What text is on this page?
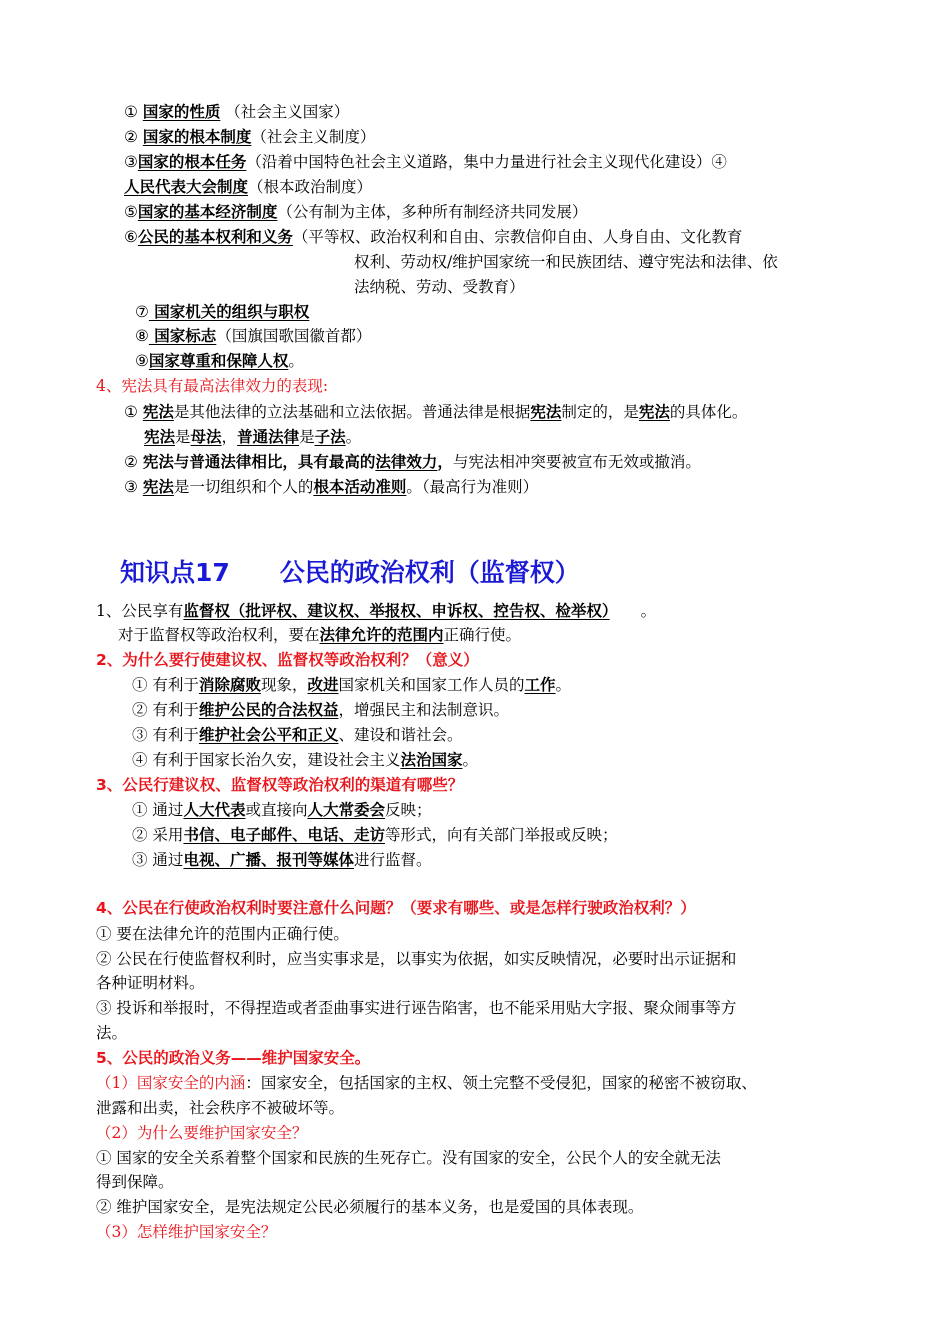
① 国家的性质 （社会主义国家）
② 国家的根本制度（社会主义制度）
③国家的根本任务（沿着中国特色社会主义道路，集中力量进行社会主义现代化建设）④
人民代表大会制度（根本政治制度）
⑤国家的基本经济制度（公有制为主体，多种所有制经济共同发展）
⑥公民的基本权利和义务（平等权、政治权利和自由、宗教信仰自由、人身自由、文化教育
权利、劳动权/维护国家统一和民族团结、遵守宪法和法律、依
法纳税、劳动、受教育）
⑦ 国家机关的组织与职权
⑧ 国家标志（国旗国歌国徽首都）
⑨国家尊重和保障人权。
4、宪法具有最高法律效力的表现:
① 宪法是其他法律的立法基础和立法依据。普通法律是根据宪法制定的，是宪法的具体化。
宪法是母法，普通法律是子法。
② 宪法与普通法律相比，具有最高的法律效力，与宪法相冲突要被宣布无效或撤消。
③ 宪法是一切组织和个人的根本活动准则。（最高行为准则）
知识点17　　公民的政治权利（监督权）
1、公民享有监督权（批评权、建议权、举报权、申诉权、控告权、检举权）　　。
对于监督权等政治权利，要在法律允许的范围内正确行使。
2、为什么要行使建议权、监督权等政治权利？（意义）
① 有利于消除腐败现象，改进国家机关和国家工作人员的工作。
② 有利于维护公民的合法权益，增强民主和法制意识。
③ 有利于维护社会公平和正义、建设和谐社会。
④ 有利于国家长治久安，建设社会主义法治国家。
3、公民行建议权、监督权等政治权利的渠道有哪些？
① 通过人大代表或直接向人大常委会反映；
② 采用书信、电子邮件、电话、走访等形式，向有关部门举报或反映；
③ 通过电视、广播、报刊等媒体进行监督。
4、公民在行使政治权利时要注意什么问题？（要求有哪些、或是怎样行驶政治权利？）
① 要在法律允许的范围内正确行使。
② 公民在行使监督权利时，应当实事求是，以事实为依据，如实反映情况，必要时出示证据和
各种证明材料。
③ 投诉和举报时，不得捏造或者歪曲事实进行诬告陷害，也不能采用贴大字报、聚众闹事等方
法。
5、公民的政治义务——维护国家安全。
（1）国家安全的内涵：国家安全，包括国家的主权、领土完整不受侵犯，国家的秘密不被窃取、
泄露和出卖，社会秩序不被破坏等。
（2）为什么要维护国家安全？
① 国家的安全关系着整个国家和民族的生死存亡。没有国家的安全，公民个人的安全就无法
得到保障。
② 维护国家安全，是宪法规定公民必须履行的基本义务，也是爱国的具体表现。
（3）怎样维护国家安全？
